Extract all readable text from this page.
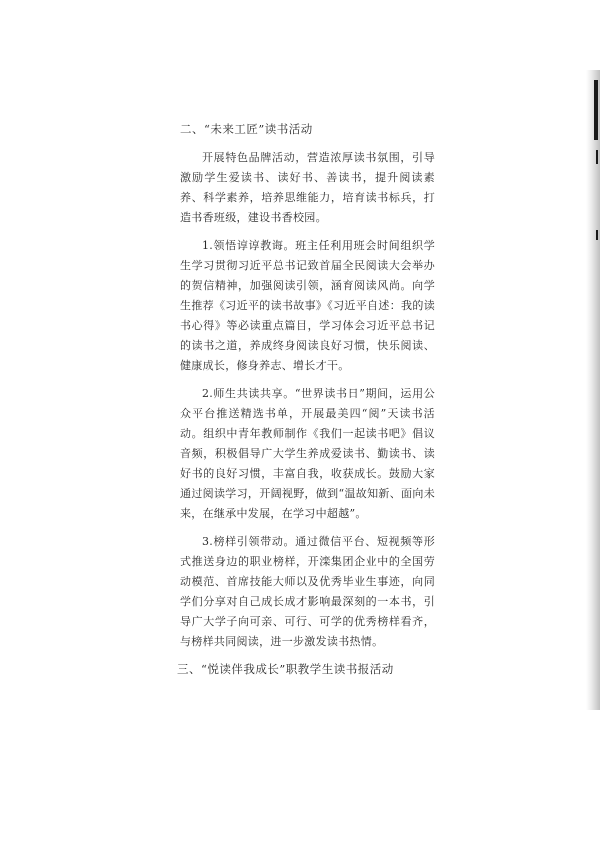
二、“未来工匠”读书活动

开展特色品牌活动，营造浓厚读书氛围，引导激励学生爱读书、读好书、善读书，提升阅读素养、科学素养，培养思维能力，培育读书标兵，打造书香班级，建设书香校园。

1.领悟谆谆教诲。班主任利用班会时间组织学生学习贯彻习近平总书记致首届全民阅读大会举办的贺信精神，加强阅读引领，涵育阅读风尚。向学生推荐《习近平的读书故事》《习近平自述：我的读书心得》等必读重点篇目，学习体会习近平总书记的读书之道，养成终身阅读良好习惯，快乐阅读、健康成长，修身养志、增长才干。

2.师生共读共享。“世界读书日”期间，运用公众平台推送精选书单，开展最美四“阅”天读书活动。组织中青年教师制作《我们一起读书吧》倡议音频，积极倡导广大学生养成爱读书、勤读书、读好书的良好习惯，丰富自我，收获成长。鼓励大家通过阅读学习，开阔视野，做到“温故知新、面向未来，在继承中发展，在学习中超越”。

3.榜样引领带动。通过微信平台、短视频等形式推送身边的职业榜样，开滦集团企业中的全国劳动模范、首席技能大师以及优秀毕业生事迹，向同学们分享对自己成长成才影响最深刻的一本书，引导广大学子向可亲、可行、可学的优秀榜样看齐，与榜样共同阅读，进一步激发读书热情。

三、“悦读伴我成长”职教学生读书报活动
